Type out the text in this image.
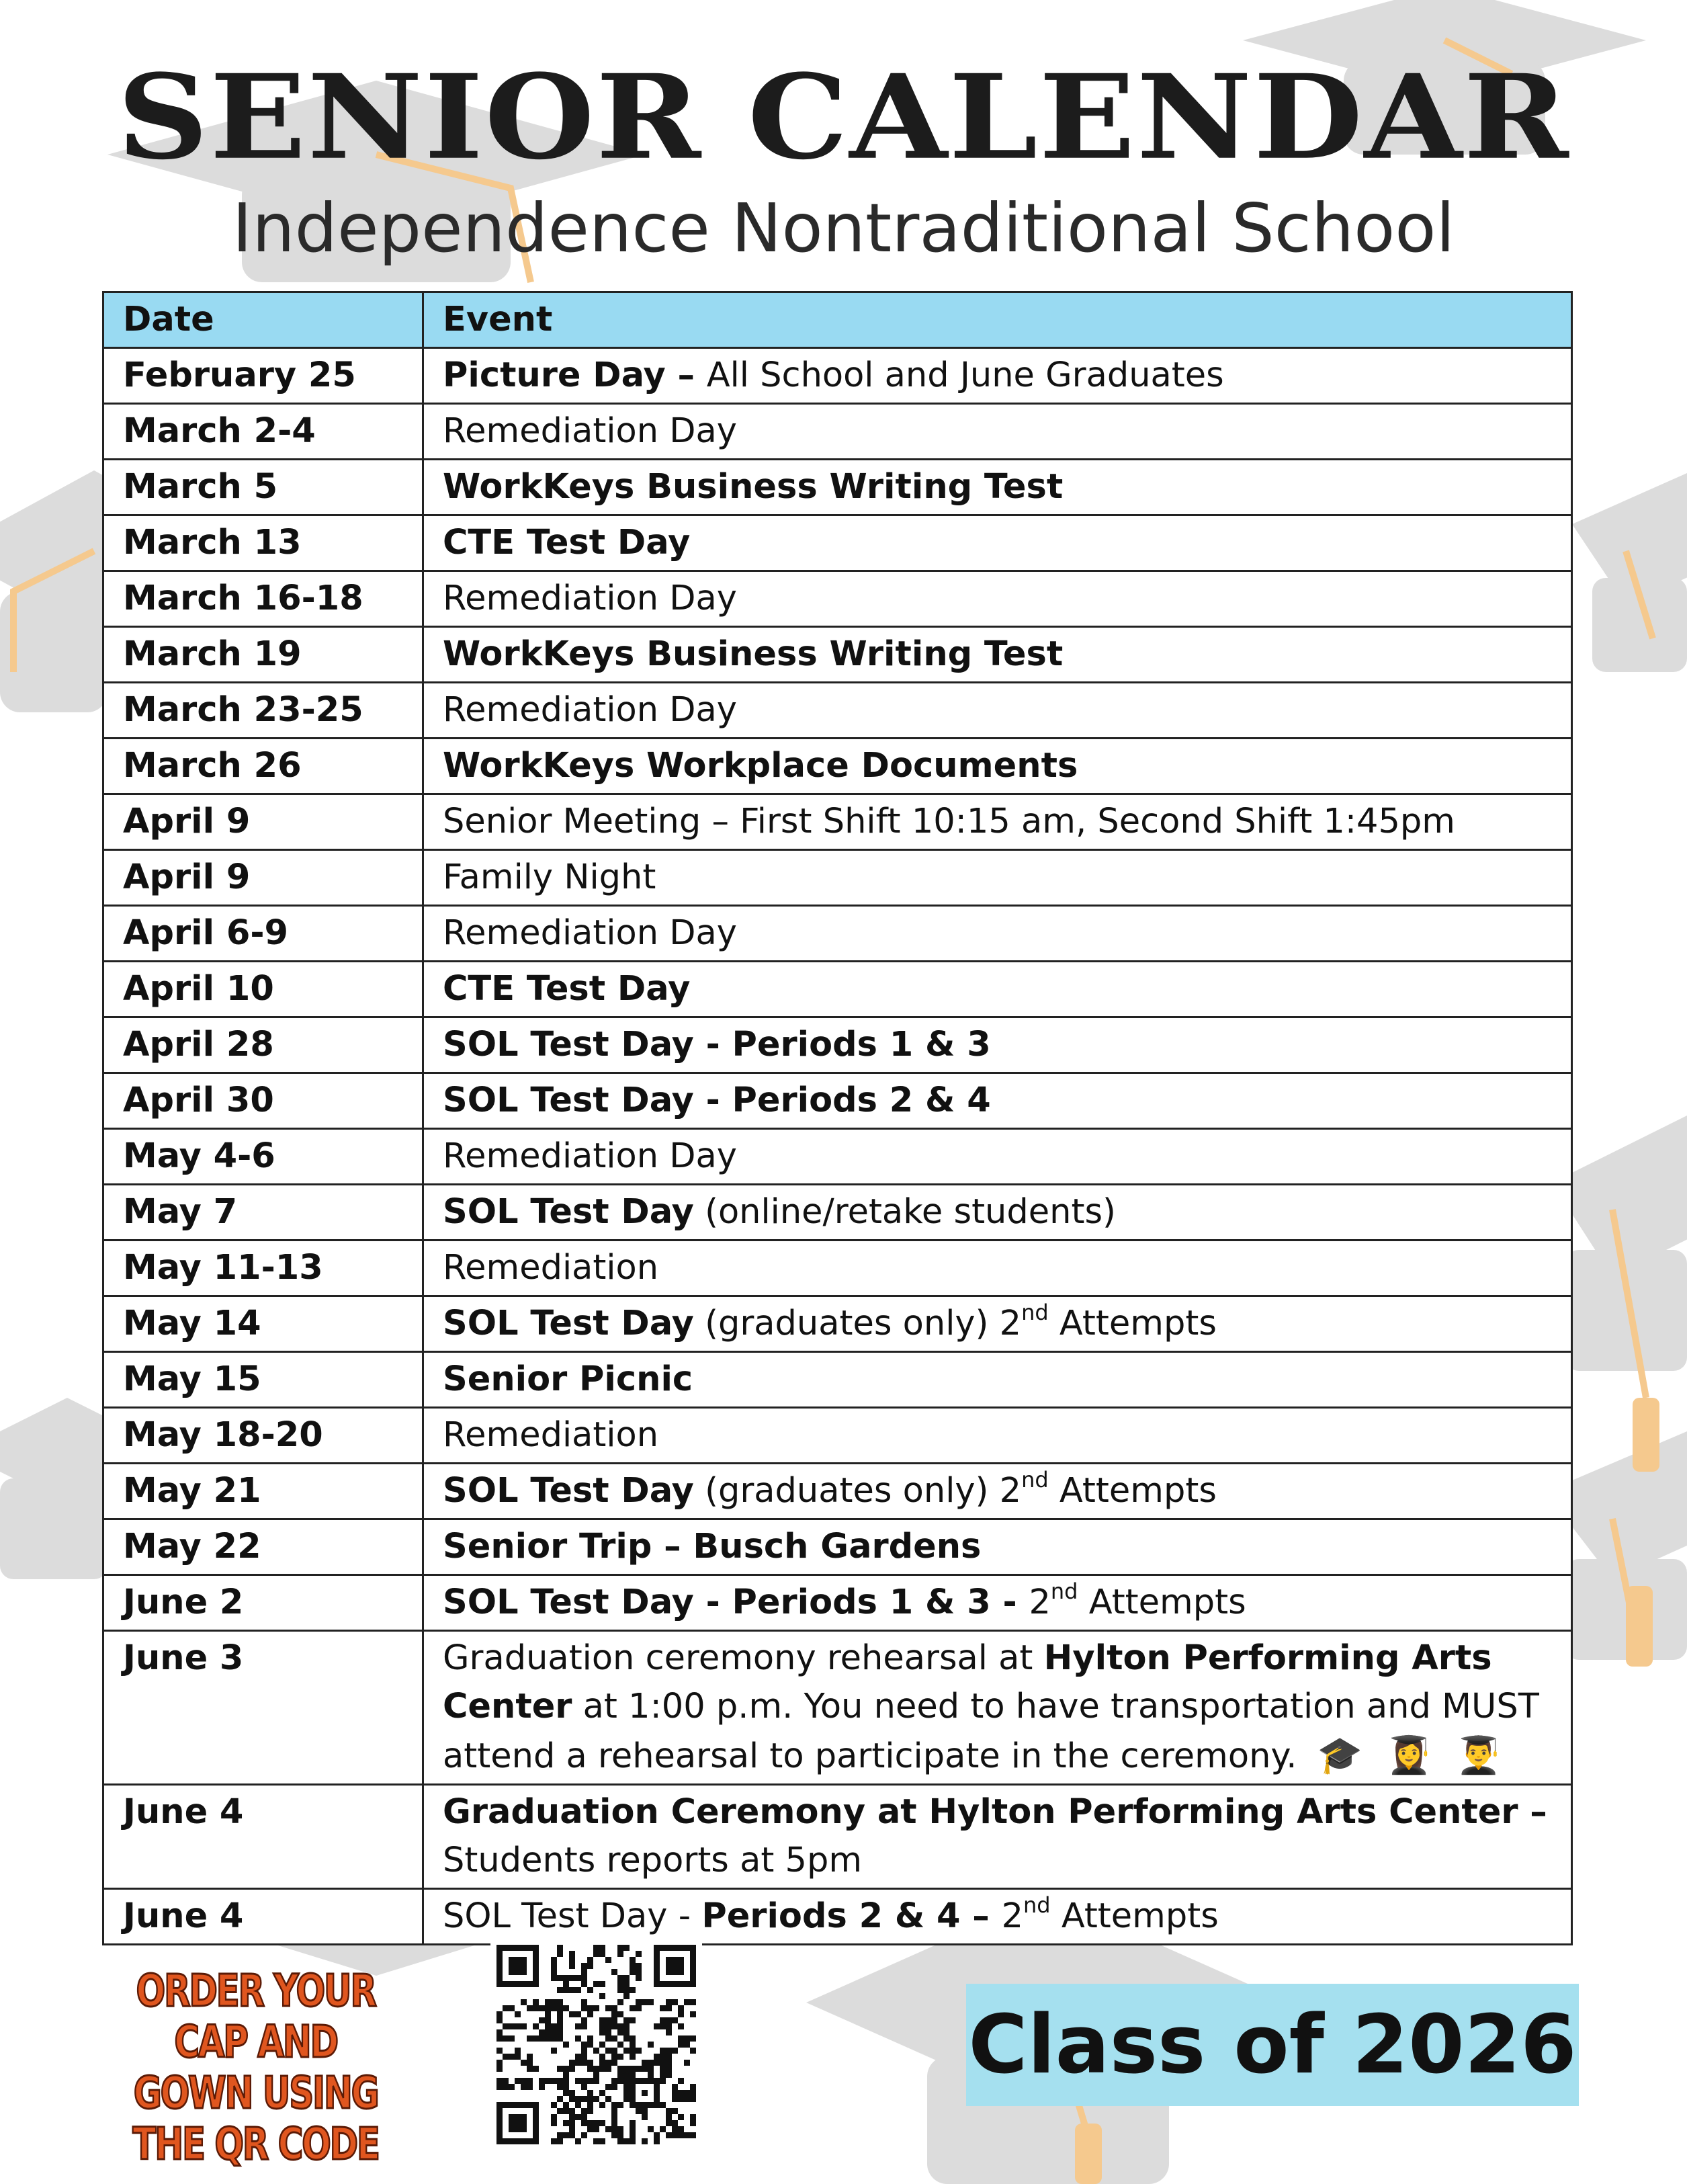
SENIOR CALENDAR
Independence Nontraditional School
Date	Event
February 25	Picture Day – All School and June Graduates
March 2-4	Remediation Day
March 5	WorkKeys Business Writing Test
March 13	CTE Test Day
March 16-18	Remediation Day
March 19	WorkKeys Business Writing Test
March 23-25	Remediation Day
March 26	WorkKeys Workplace Documents
April 9	Senior Meeting – First Shift 10:15 am, Second Shift 1:45pm
April 9	Family Night
April 6-9	Remediation Day
April 10	CTE Test Day
April 28	SOL Test Day - Periods 1 & 3
April 30	SOL Test Day - Periods 2 & 4
May 4-6	Remediation Day
May 7	SOL Test Day (online/retake students)
May 11-13	Remediation
May 14	SOL Test Day (graduates only) 2nd Attempts
May 15	Senior Picnic
May 18-20	Remediation
May 21	SOL Test Day (graduates only) 2nd Attempts
May 22	Senior Trip – Busch Gardens
June 2	SOL Test Day - Periods 1 & 3 - 2nd Attempts
June 3	Graduation ceremony rehearsal at Hylton Performing Arts Center at 1:00 p.m. You need to have transportation and MUST attend a rehearsal to participate in the ceremony. 🎓 👩‍🎓 👨‍🎓
June 4	Graduation Ceremony at Hylton Performing Arts Center – Students reports at 5pm
June 4	SOL Test Day - Periods 2 & 4 – 2nd Attempts
ORDER YOUR CAP AND GOWN USING THE QR CODE
Class of 2026
